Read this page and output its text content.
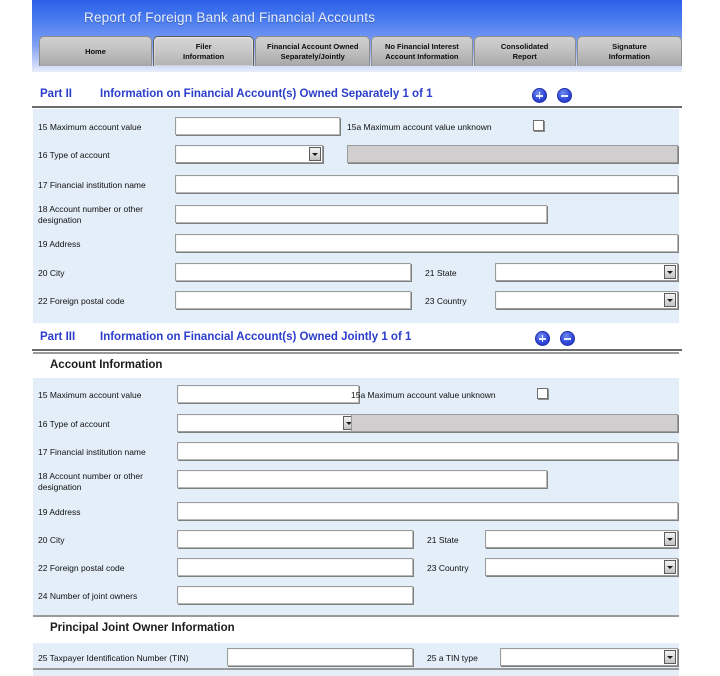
Report of Foreign Bank and Financial Accounts
Home
Filer
Information
Financial Account Owned
Separately/Jointly
No Financial Interest
Account Information
Consolidated
Report
Signature
Information
Part II Information on Financial Account(s) Owned Separately 1 of 1
15 Maximum account value	15a Maximum account value unknown
16 Type of account
17 Financial institution name
18 Account number or other designation
19 Address
20 City	21 State
22 Foreign postal code	23 Country
Part III Information on Financial Account(s) Owned Jointly 1 of 1
Account Information
15 Maximum account value	15a Maximum account value unknown
16 Type of account
17 Financial institution name
18 Account number or other designation
19 Address
20 City	21 State
22 Foreign postal code	23 Country
24 Number of joint owners
Principal Joint Owner Information
25 Taxpayer Identification Number (TIN)	25 a TIN type
